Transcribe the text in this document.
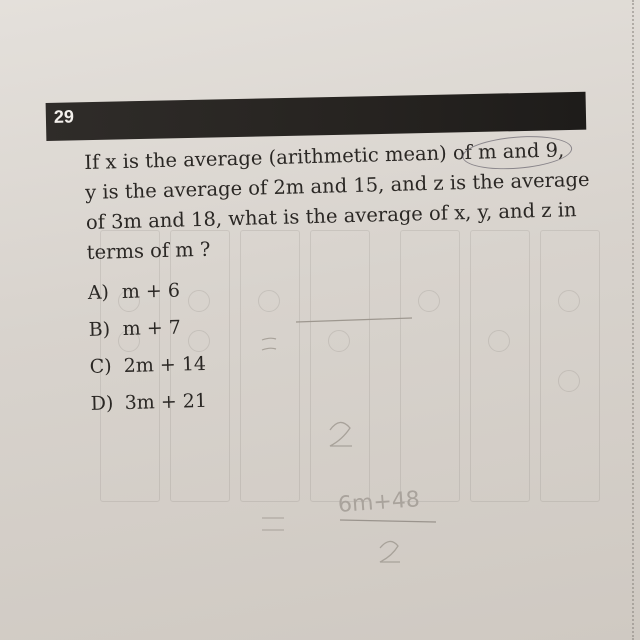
29

If x is the average (arithmetic mean) of m and 9,

y is the average of 2m and 15, and z is the average

of 3m and 18, what is the average of x, y, and z in

terms of m ?

A) m + 6
B) m + 7
C) 2m + 14
D) 3m + 21
6m+48
